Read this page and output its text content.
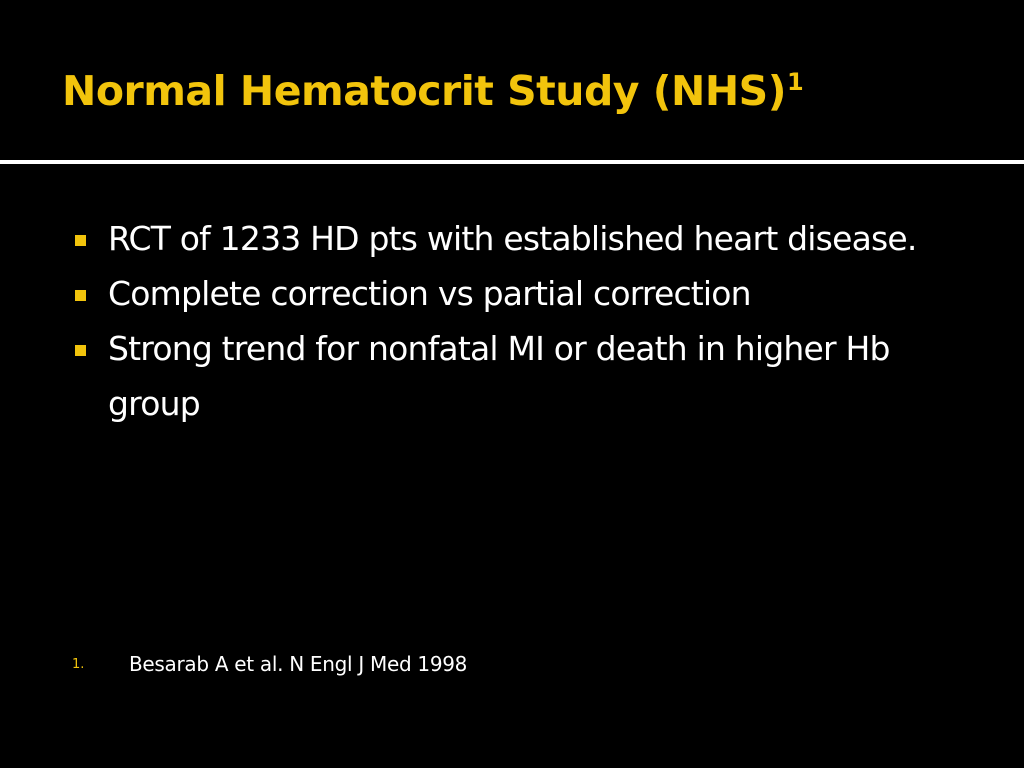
Normal Hematocrit Study (NHS)$^1$
RCT of 1233 HD pts with established heart disease.
Complete correction vs partial correction
Strong trend for nonfatal MI or death in higher Hb group
1. Besarab A et al. N Engl J Med 1998
